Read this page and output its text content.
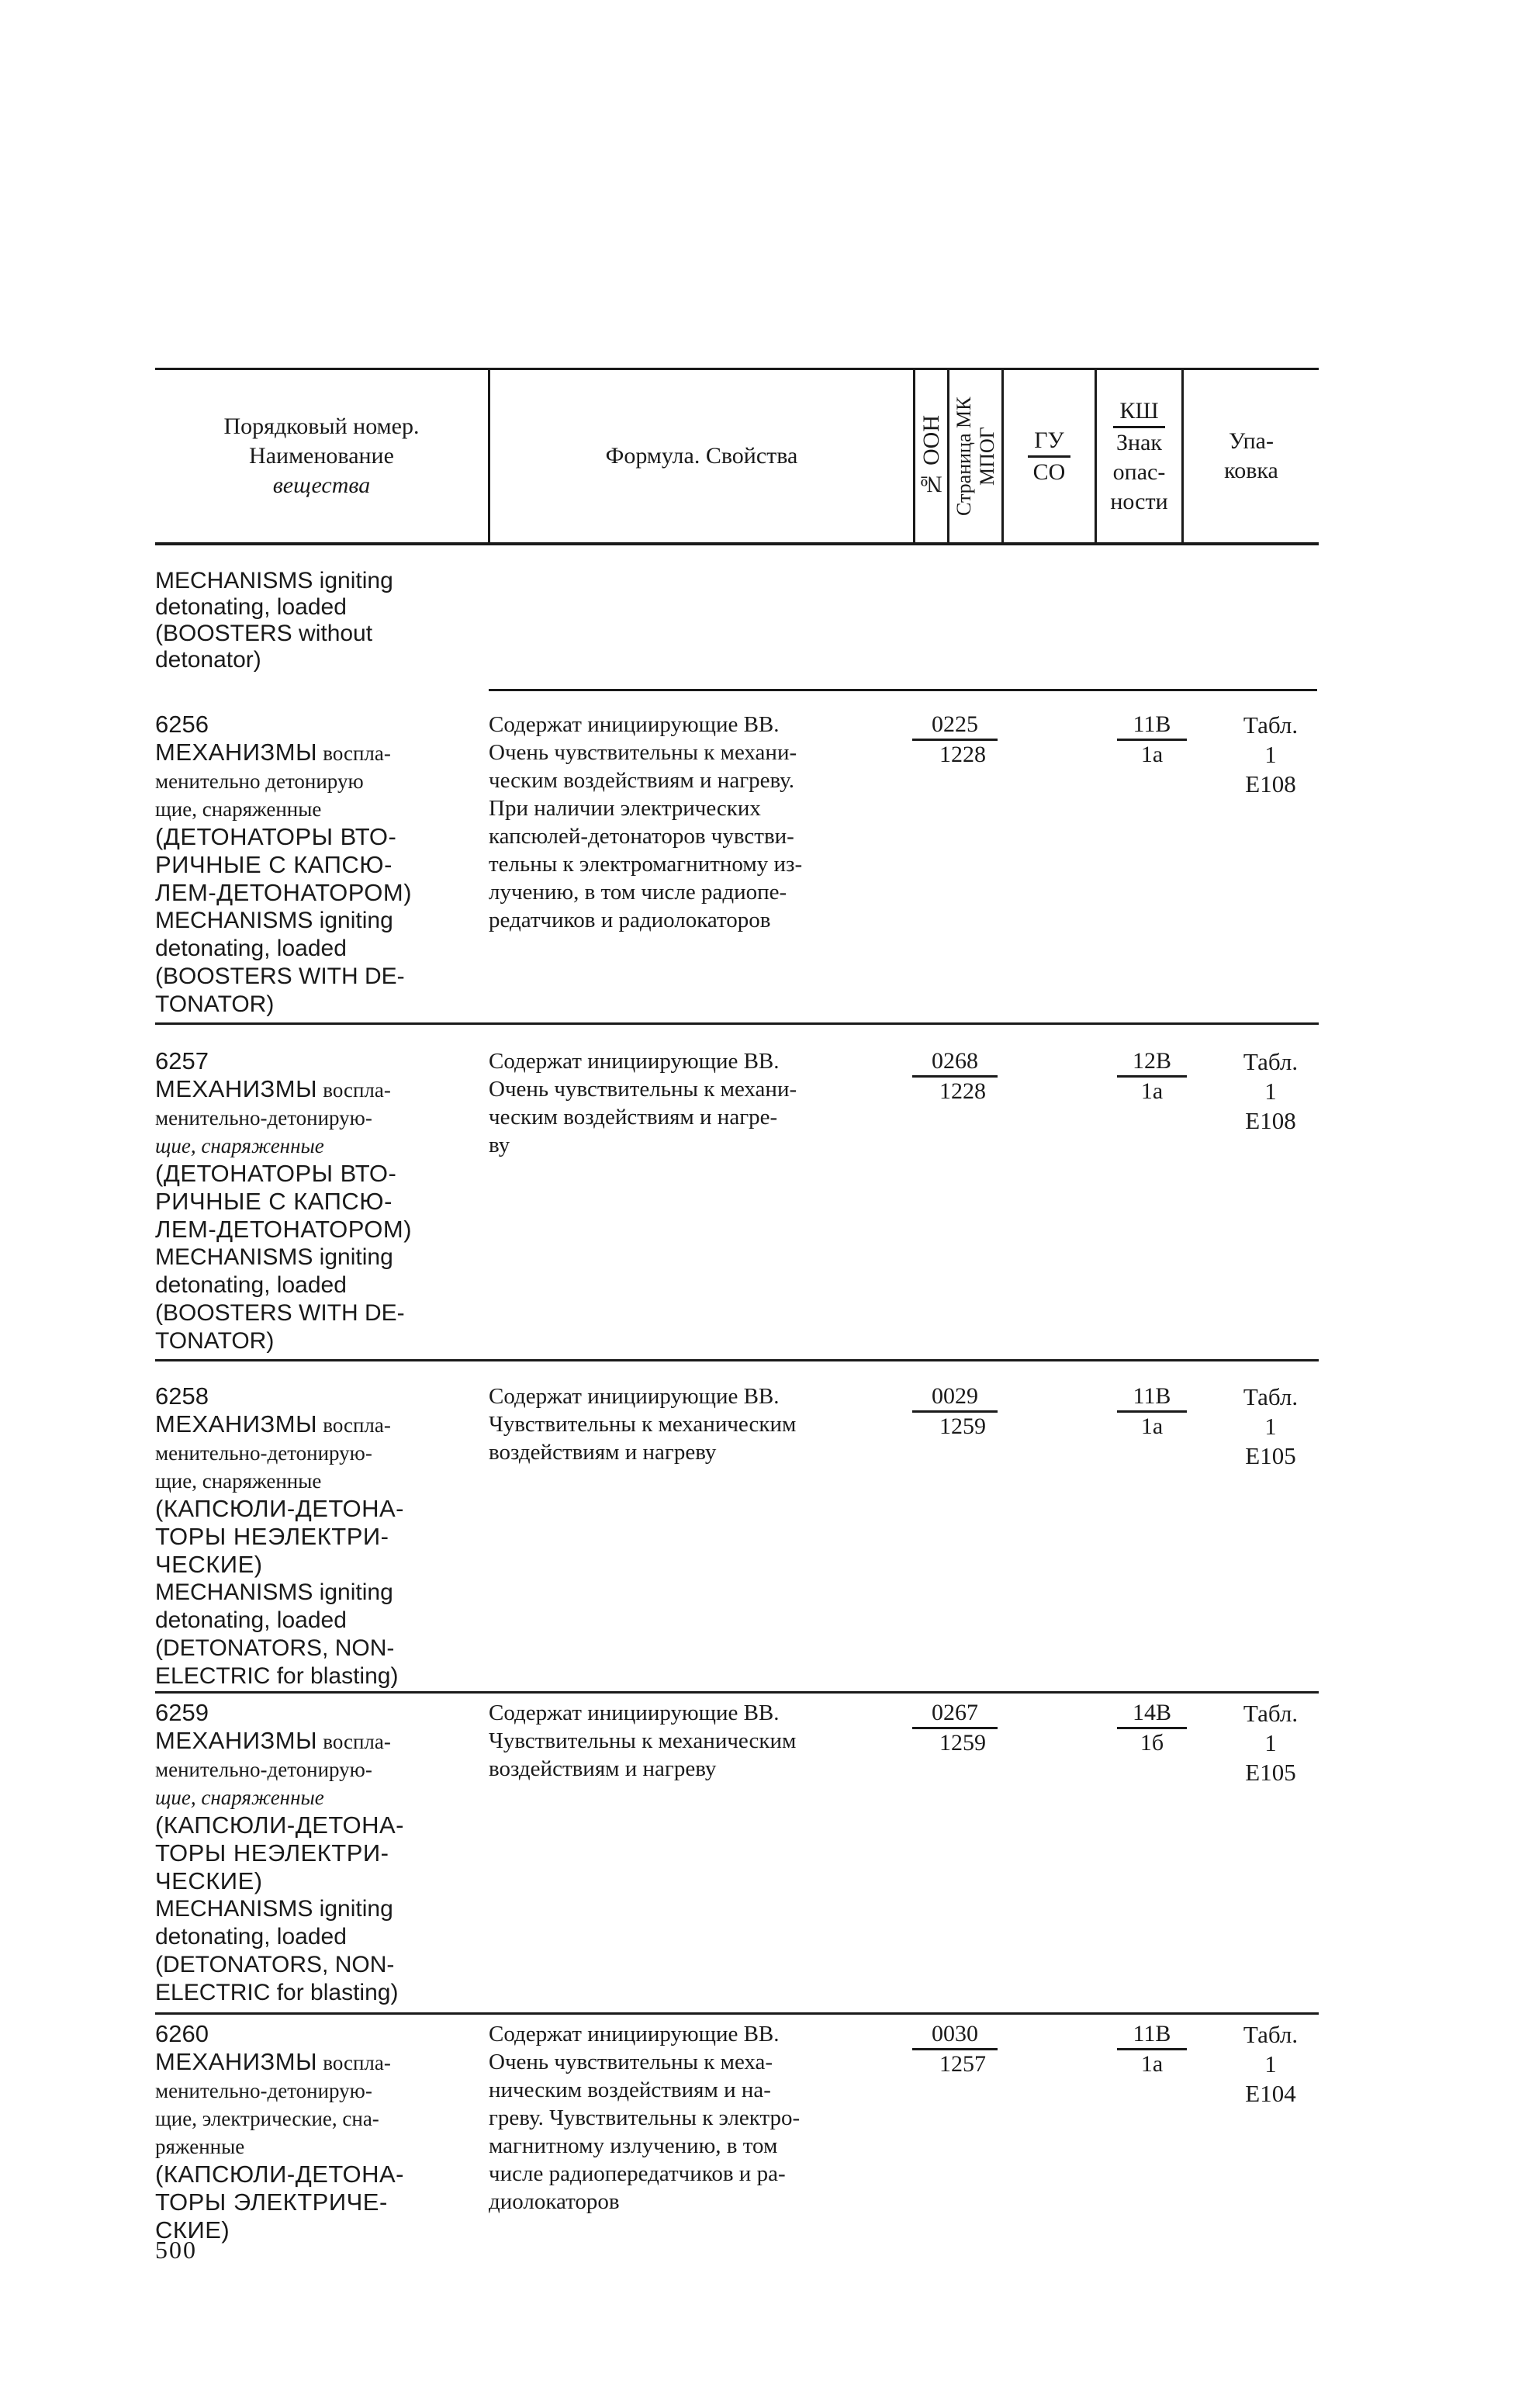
Порядковый номер.
Наименование
вещества
Формула. Свойства	№ ООН Страница МК МПОГ ГУ
СО
КШ
Знак
опас-
ности
Упа-
ковка
MECHANISMS igniting
detonating, loaded
(BOOSTERS without
detonator)
6256
МЕХАНИЗМЫ воспла-
менительно детонирую
щие, снаряженные
(ДЕТОНАТОРЫ ВТО-
РИЧНЫЕ С КАПСЮ-
ЛЕМ-ДЕТОНАТОРОМ)
MECHANISMS igniting
detonating, loaded
(BOOSTERS WITH DE-
TONATOR)
Содержат инициирующие ВВ.
Очень чувствительны к механи-
ческим воздействиям и нагреву.
При наличии электрических
капсюлей-детонаторов чувстви-
тельны к электромагнитному из-
лучению, в том числе радиопе-
редатчиков и радиолокаторов
0225
1228
11В
1а
Табл.
1
Е108
6257
МЕХАНИЗМЫ воспла-
менительно-детонирую-
щие, снаряженные
(ДЕТОНАТОРЫ ВТО-
РИЧНЫЕ С КАПСЮ-
ЛЕМ-ДЕТОНАТОРОМ)
MECHANISMS igniting
detonating, loaded
(BOOSTERS WITH DE-
TONATOR)
Содержат инициирующие ВВ.
Очень чувствительны к механи-
ческим воздействиям и нагре-
ву
0268
1228
12В
1а
Табл.
1
Е108
6258
МЕХАНИЗМЫ воспла-
менительно-детонирую-
щие, снаряженные
(КАПСЮЛИ-ДЕТОНА-
ТОРЫ НЕЭЛЕКТРИ-
ЧЕСКИЕ)
MECHANISMS igniting
detonating, loaded
(DETONATORS, NON-
ELECTRIC for blasting)
Содержат инициирующие ВВ.
Чувствительны к механическим
воздействиям и нагреву
0029
1259
11В
1а
Табл.
1
Е105
6259
МЕХАНИЗМЫ воспла-
менительно-детонирую-
щие, снаряженные
(КАПСЮЛИ-ДЕТОНА-
ТОРЫ НЕЭЛЕКТРИ-
ЧЕСКИЕ)
MECHANISMS igniting
detonating, loaded
(DETONATORS, NON-
ELECTRIC for blasting)
Содержат инициирующие ВВ.
Чувствительны к механическим
воздействиям и нагреву
0267
1259
14В
1б
Табл.
1
Е105
6260
МЕХАНИЗМЫ воспла-
менительно-детонирую-
щие, электрические, сна-
ряженные
(КАПСЮЛИ-ДЕТОНА-
ТОРЫ ЭЛЕКТРИЧЕ-
СКИЕ)
Содержат инициирующие ВВ.
Очень чувствительны к меха-
ническим воздействиям и на-
греву. Чувствительны к электро-
магнитному излучению, в том
числе радиопередатчиков и ра-
диолокаторов
0030
1257
11В
1а
Табл.
1
Е104
500
